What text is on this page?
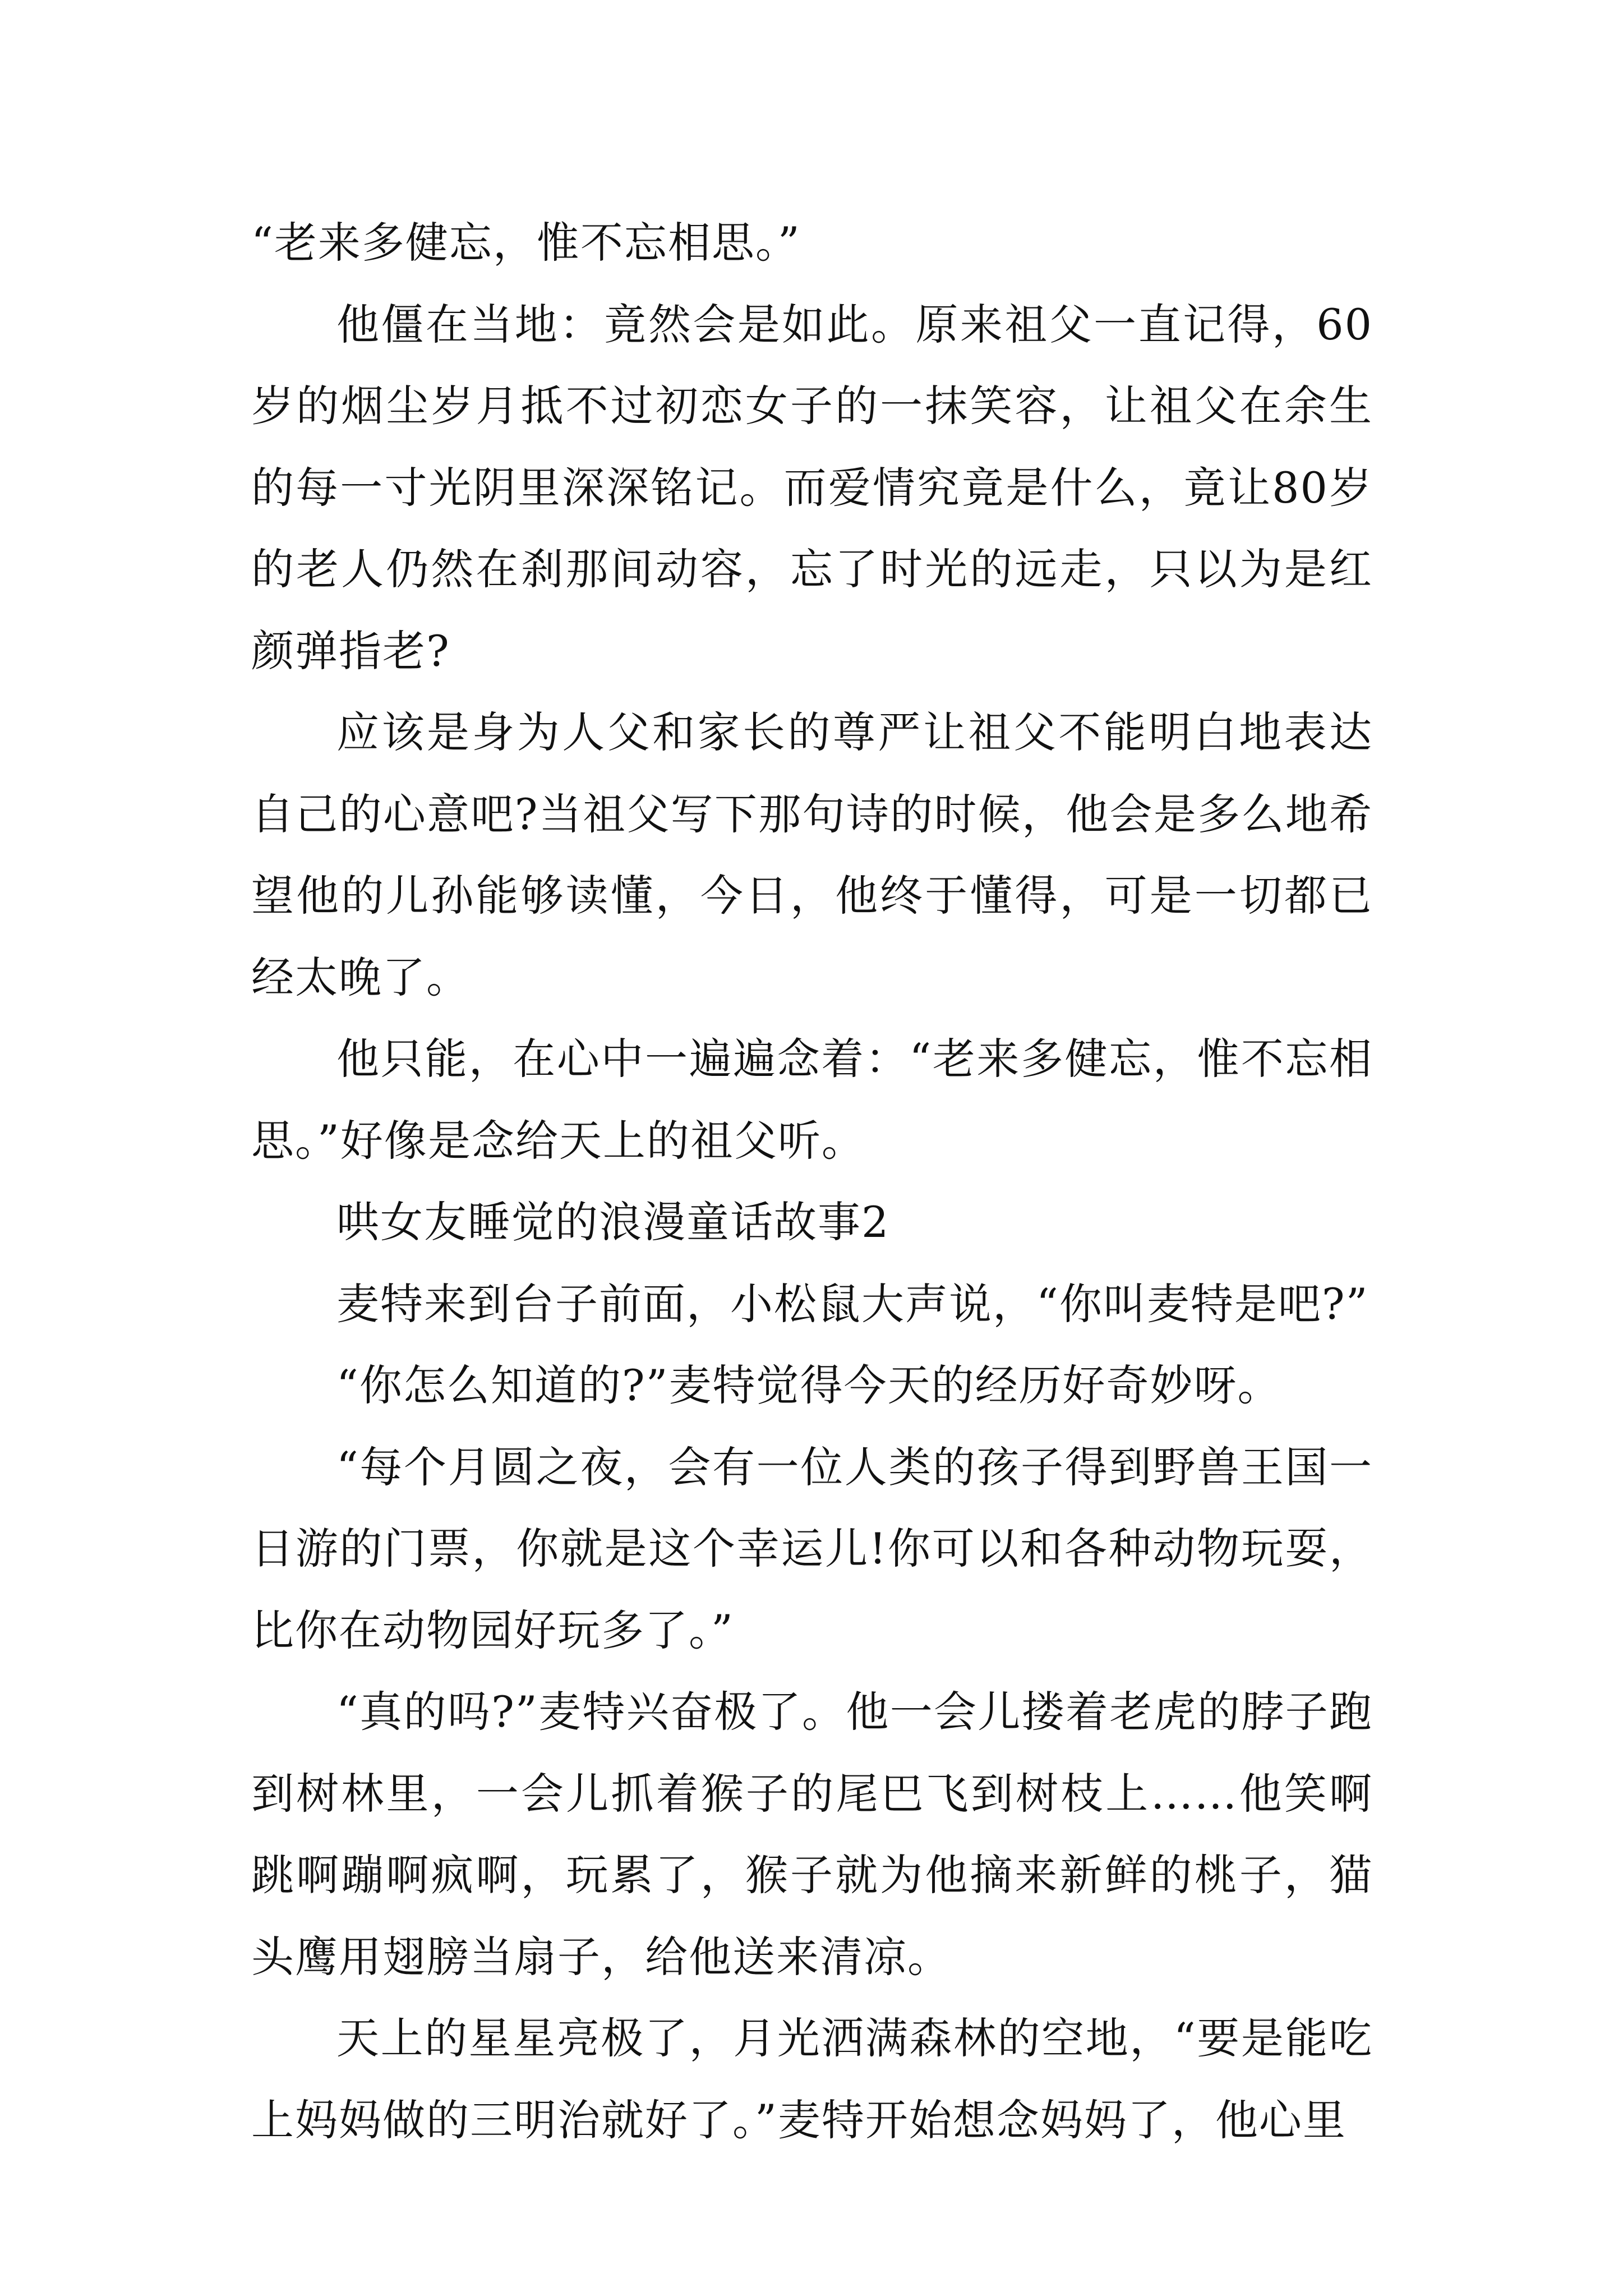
“老来多健忘，惟不忘相思。”

他僵在当地：竟然会是如此。原来祖父一直记得，60岁的烟尘岁月抵不过初恋女子的一抹笑容，让祖父在余生的每一寸光阴里深深铭记。而爱情究竟是什么，竟让80岁的老人仍然在刹那间动容，忘了时光的远走，只以为是红颜弹指老?

应该是身为人父和家长的尊严让祖父不能明白地表达自己的心意吧?当祖父写下那句诗的时候，他会是多么地希望他的儿孙能够读懂，今日，他终于懂得，可是一切都已经太晚了。

他只能，在心中一遍遍念着：“老来多健忘，惟不忘相思。”好像是念给天上的祖父听。

哄女友睡觉的浪漫童话故事2

麦特来到台子前面，小松鼠大声说，“你叫麦特是吧?”

“你怎么知道的?”麦特觉得今天的经历好奇妙呀。

“每个月圆之夜，会有一位人类的孩子得到野兽王国一日游的门票，你就是这个幸运儿!你可以和各种动物玩耍，比你在动物园好玩多了。”

“真的吗?”麦特兴奋极了。他一会儿搂着老虎的脖子跑到树林里，一会儿抓着猴子的尾巴飞到树枝上……他笑啊跳啊蹦啊疯啊，玩累了，猴子就为他摘来新鲜的桃子，猫头鹰用翅膀当扇子，给他送来清凉。

天上的星星亮极了，月光洒满森林的空地，“要是能吃上妈妈做的三明治就好了。”麦特开始想念妈妈了，他心里
